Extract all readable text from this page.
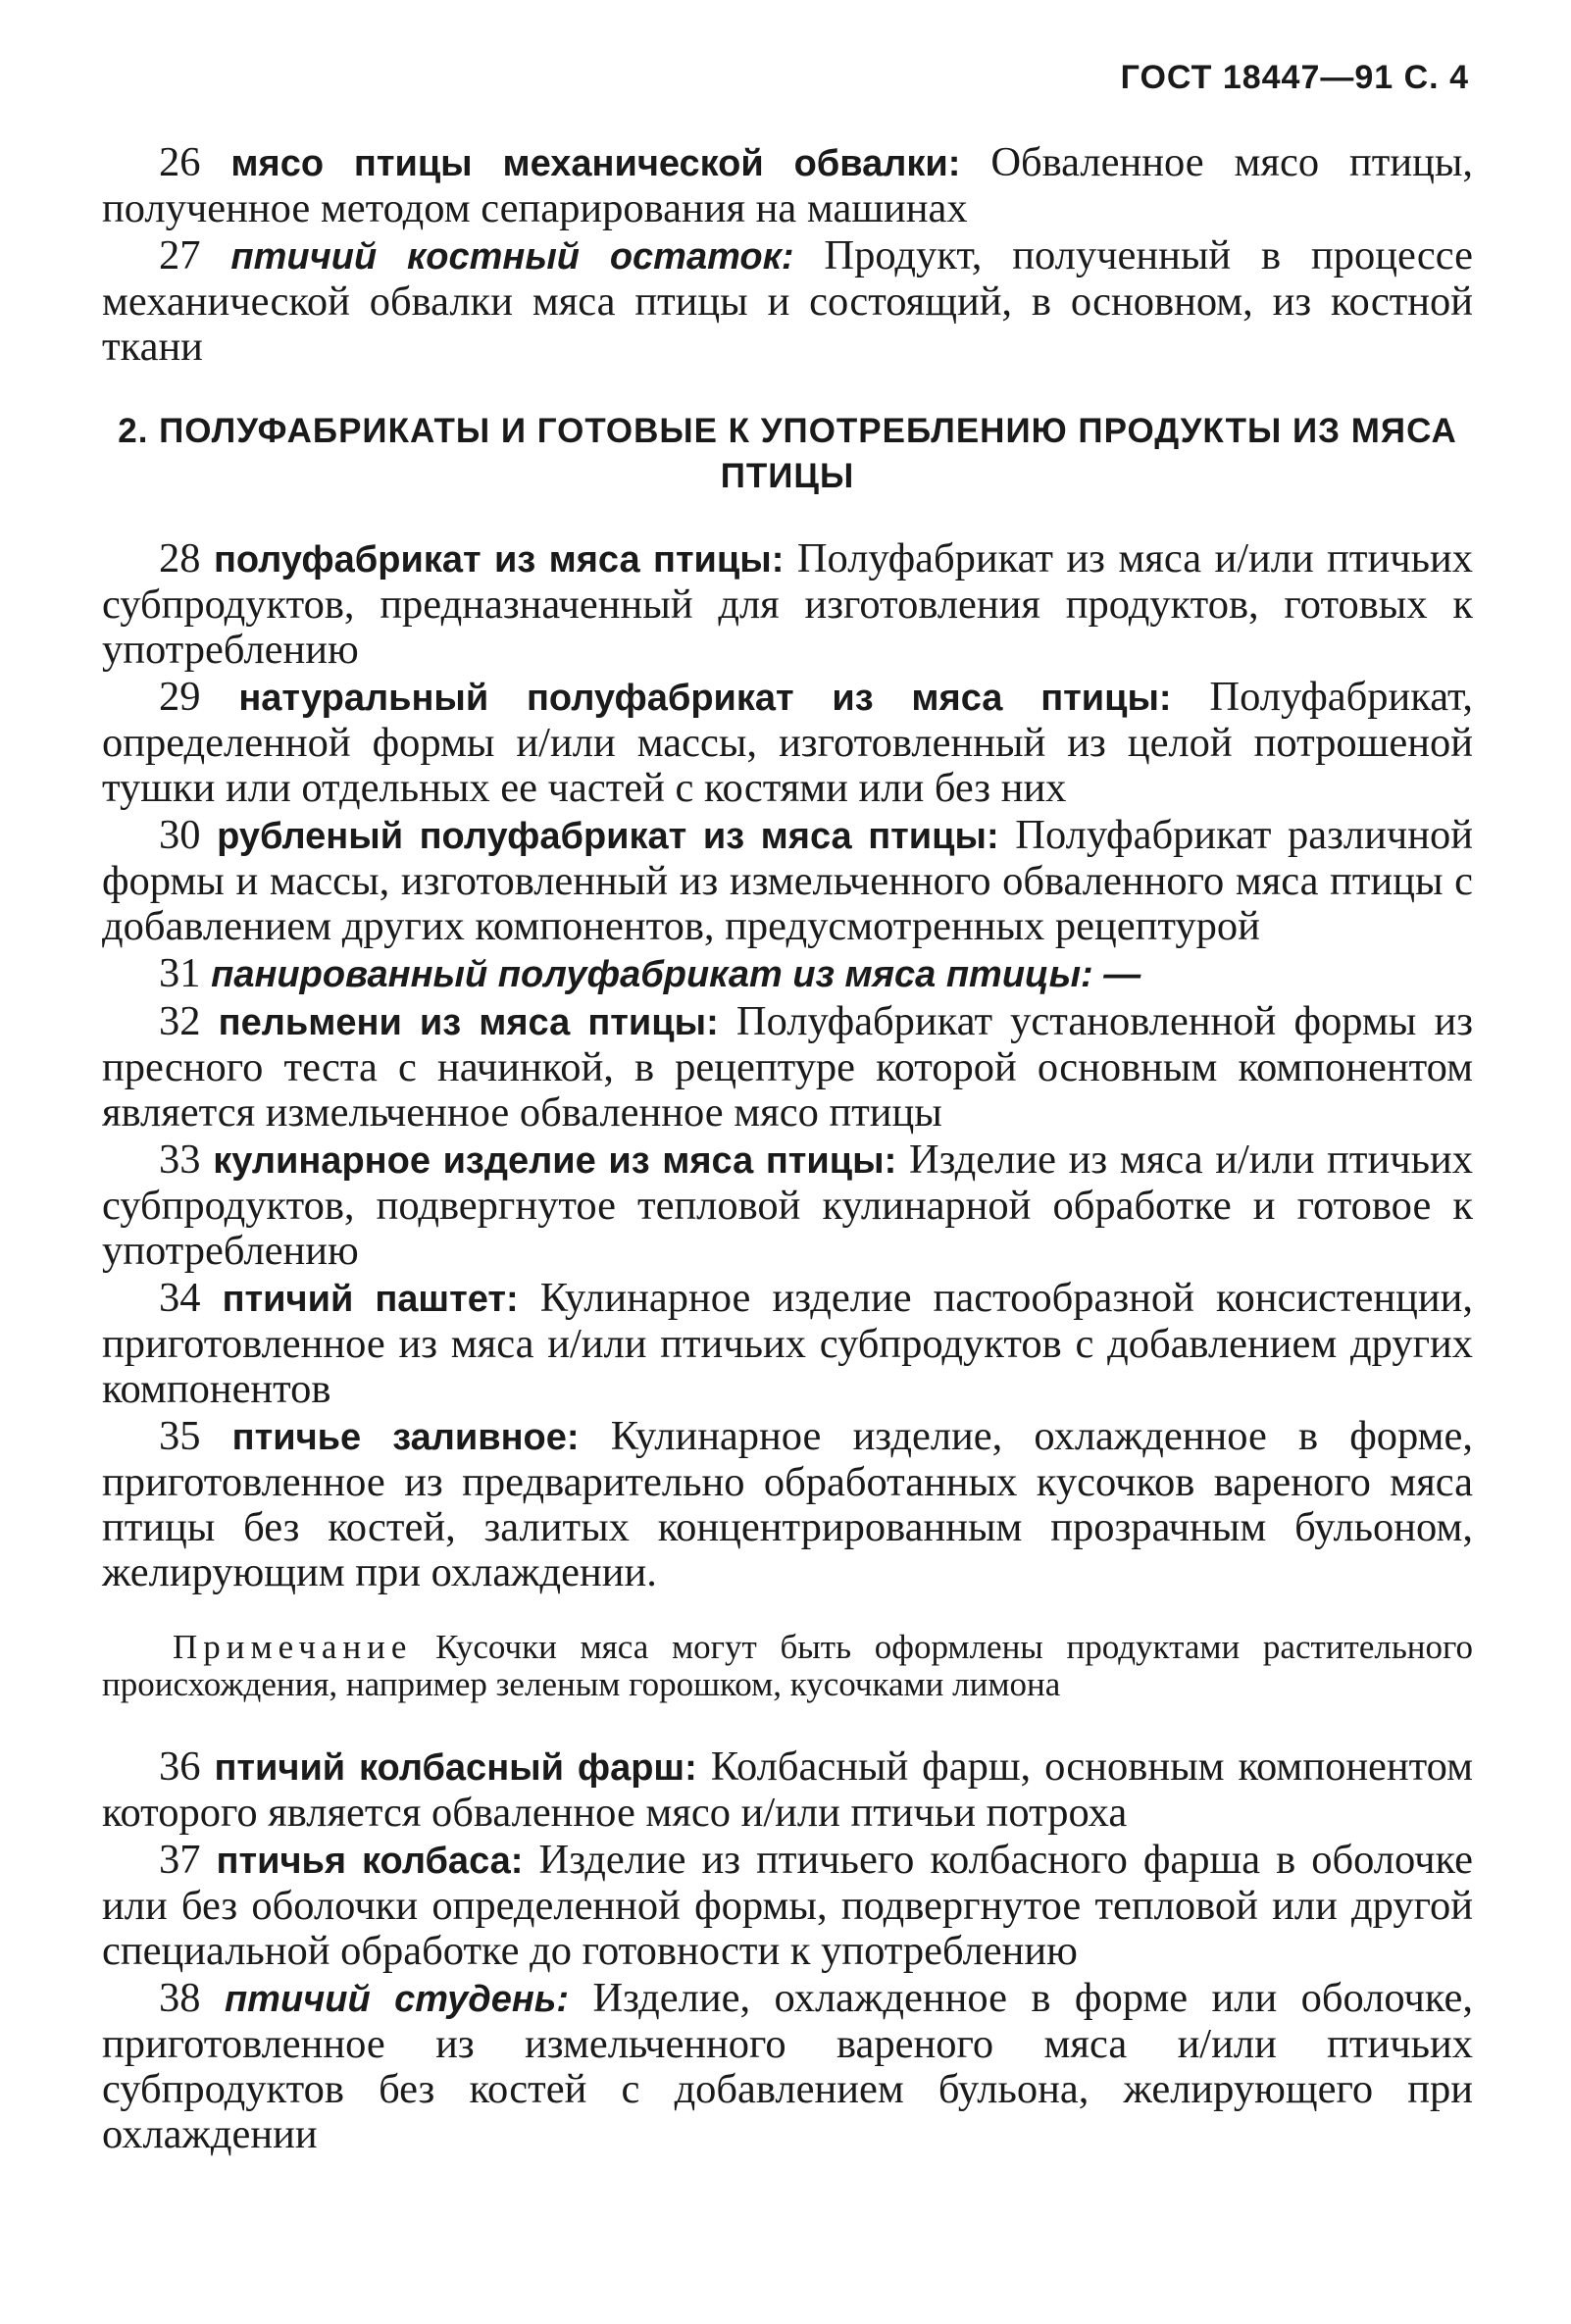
ГОСТ 18447—91 С. 4

26 мясо птицы механической обвалки: Обваленное мясо птицы, полученное методом сепарирования на машинах

27 птичий костный остаток: Продукт, полученный в процессе механической обвалки мяса птицы и состоящий, в основном, из костной ткани

2. ПОЛУФАБРИКАТЫ И ГОТОВЫЕ К УПОТРЕБЛЕНИЮ ПРОДУКТЫ ИЗ МЯСА ПТИЦЫ

28 полуфабрикат из мяса птицы: Полуфабрикат из мяса и/или птичьих субпродуктов, предназначенный для изготовления продуктов, готовых к употреблению

29 натуральный полуфабрикат из мяса птицы: Полуфабрикат, определенной формы и/или массы, изготовленный из целой потрошеной тушки или отдельных ее частей с костями или без них

30 рубленый полуфабрикат из мяса птицы: Полуфабрикат различной формы и массы, изготовленный из измельченного обваленного мяса птицы с добавлением других компонентов, предусмотренных рецептурой

31 панированный полуфабрикат из мяса птицы: —

32 пельмени из мяса птицы: Полуфабрикат установленной формы из пресного теста с начинкой, в рецептуре которой основным компонентом является измельченное обваленное мясо птицы

33 кулинарное изделие из мяса птицы: Изделие из мяса и/или птичьих субпродуктов, подвергнутое тепловой кулинарной обработке и готовое к употреблению

34 птичий паштет: Кулинарное изделие пастообразной консистенции, приготовленное из мяса и/или птичьих субпродуктов с добавлением других компонентов

35 птичье заливное: Кулинарное изделие, охлажденное в форме, приготовленное из предварительно обработанных кусочков вареного мяса птицы без костей, залитых концентрированным прозрачным бульоном, желирующим при охлаждении.

Примечание Кусочки мяса могут быть оформлены продуктами растительного происхождения, например зеленым горошком, кусочками лимона

36 птичий колбасный фарш: Колбасный фарш, основным компонентом которого является обваленное мясо и/или птичьи потроха

37 птичья колбаса: Изделие из птичьего колбасного фарша в оболочке или без оболочки определенной формы, подвергнутое тепловой или другой специальной обработке до готовности к употреблению

38 птичий студень: Изделие, охлажденное в форме или оболочке, приготовленное из измельченного вареного мяса и/или птичьих субпродуктов без костей с добавлением бульона, желирующего при охлаждении
